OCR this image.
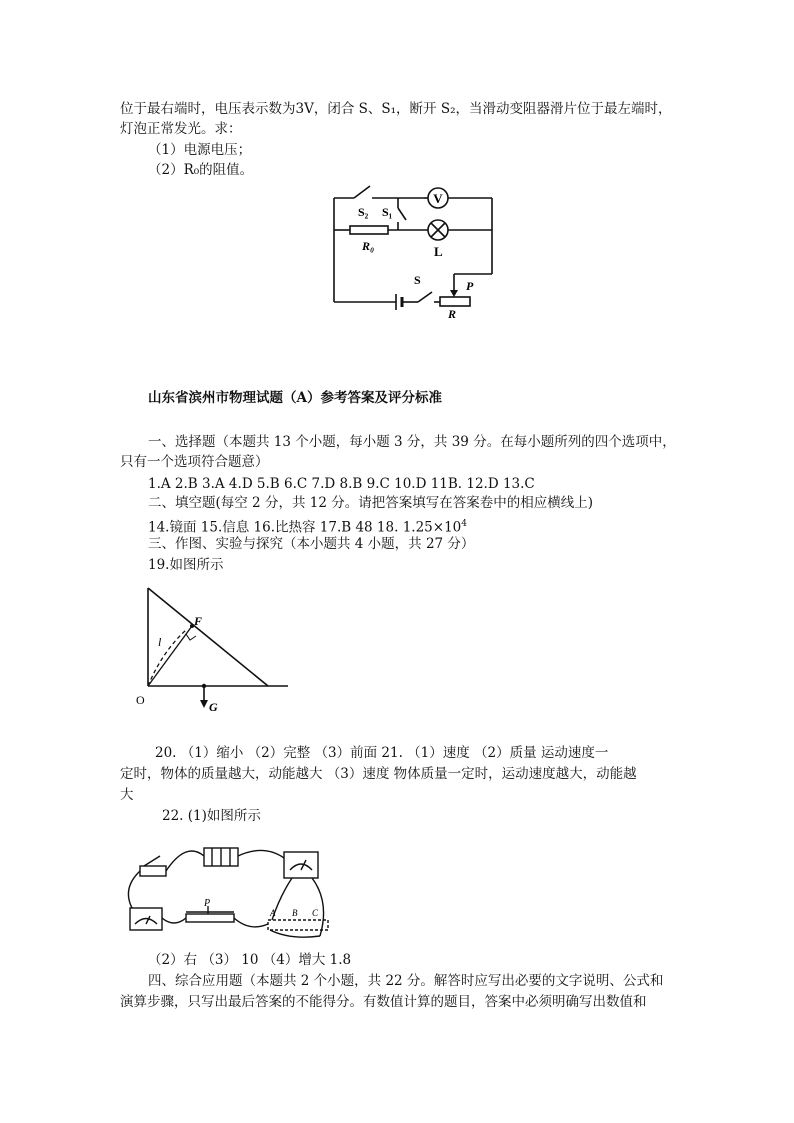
位于最右端时，电压表示数为3V，闭合 S、S₁，断开 S₂，当滑动变阻器滑片位于最左端时，
灯泡正常发光。求：
（1）电源电压；
（2）R₀的阻值。
V
S₂ S₁
R₀	L
S	P
R
山东省滨州市物理试题（A）参考答案及评分标准
一、选择题（本题共 13 个小题，每小题 3 分，共 39 分。在每小题所列的四个选项中，
只有一个选项符合题意）
1.A 2.B 3.A 4.D 5.B 6.C 7.D 8.B 9.C 10.D 11B. 12.D 13.C
二、填空题(每空 2 分，共 12 分。请把答案填写在答案卷中的相应横线上)
14.镜面 15.信息 16.比热容 17.B 48 18. $1.25\times 10^4$
三、作图、实验与探究（本小题共 4 小题，共 27 分）
19.如图所示
F
l
O	G
20. （1）缩小 （2）完整 （3）前面 21. （1）速度 （2）质量 运动速度一
定时，物体的质量越大，动能越大 （3）速度 物体质量一定时，运动速度越大，动能越
大
22. (1)如图所示
P
A B C
（2）右 （3） 10 （4）增大 1.8
四、综合应用题（本题共 2 个小题，共 22 分。解答时应写出必要的文字说明、公式和
演算步骤，只写出最后答案的不能得分。有数值计算的题目，答案中必须明确写出数值和
